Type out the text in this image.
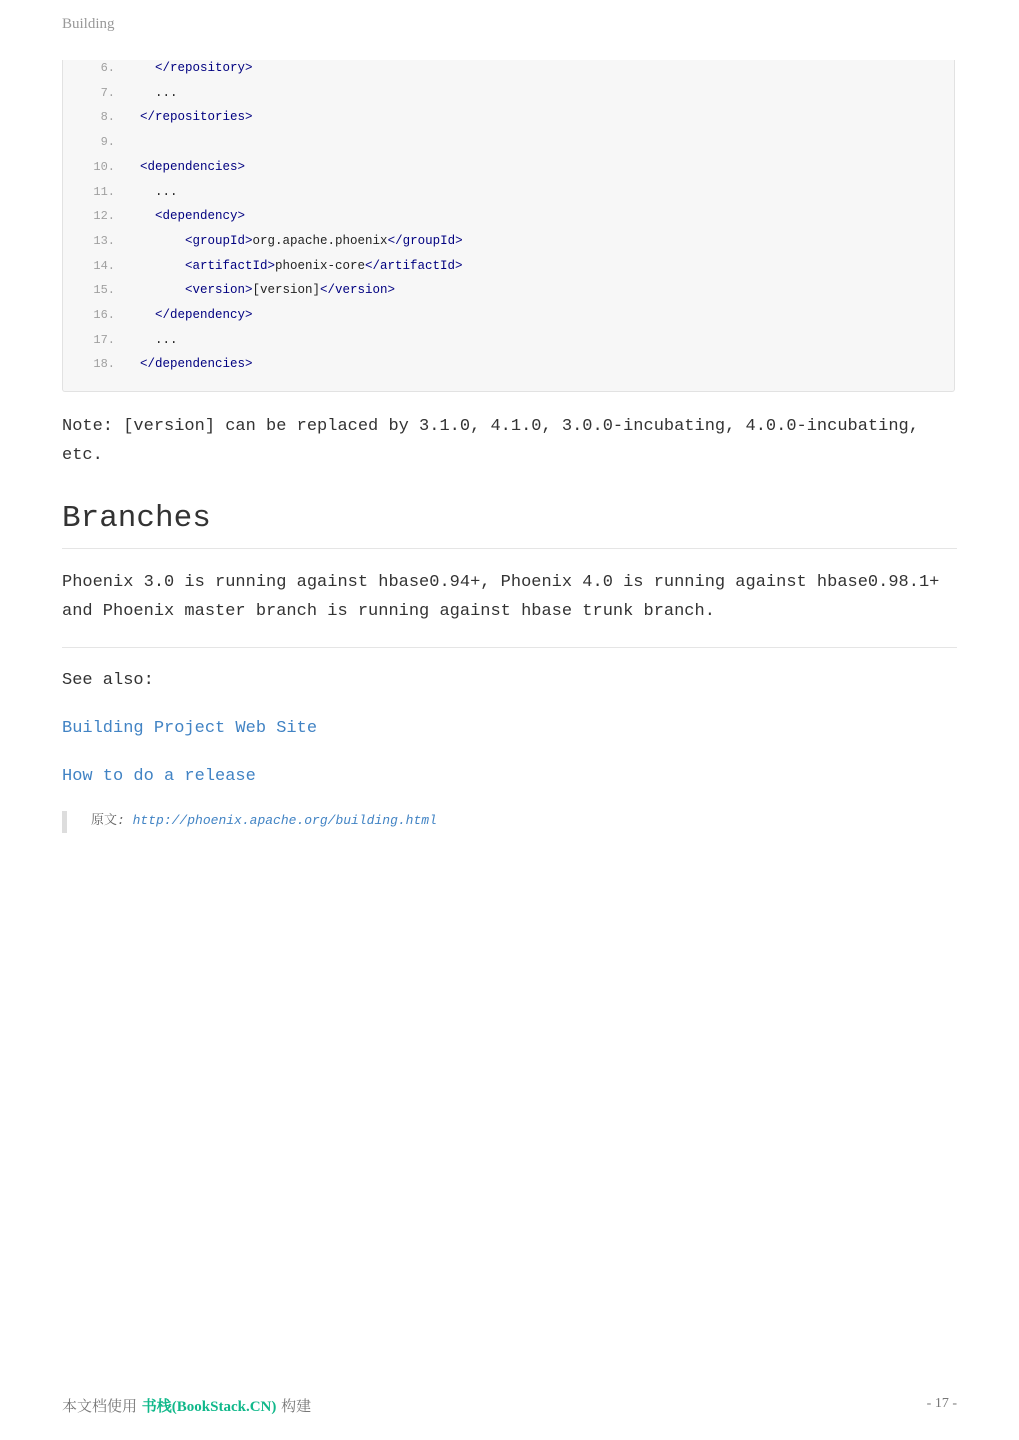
Building
6.	</repository>
7.	...
8. </repositories>
9.
10. <dependencies>
11.	...
12.	<dependency>
13.	<groupId>org.apache.phoenix</groupId>
14.	<artifactId>phoenix-core</artifactId>
15.	<version>[version]</version>
16.	</dependency>
17.	...
18. </dependencies>
Note: [version] can be replaced by 3.1.0, 4.1.0, 3.0.0-incubating, 4.0.0-incubating, etc.
Branches
Phoenix 3.0 is running against hbase0.94+, Phoenix 4.0 is running against hbase0.98.1+ and Phoenix master branch is running against hbase trunk branch.
See also:
Building Project Web Site
How to do a release
原文: http://phoenix.apache.org/building.html
本文档使用 书栈(BookStack.CN) 构建	- 17 -
